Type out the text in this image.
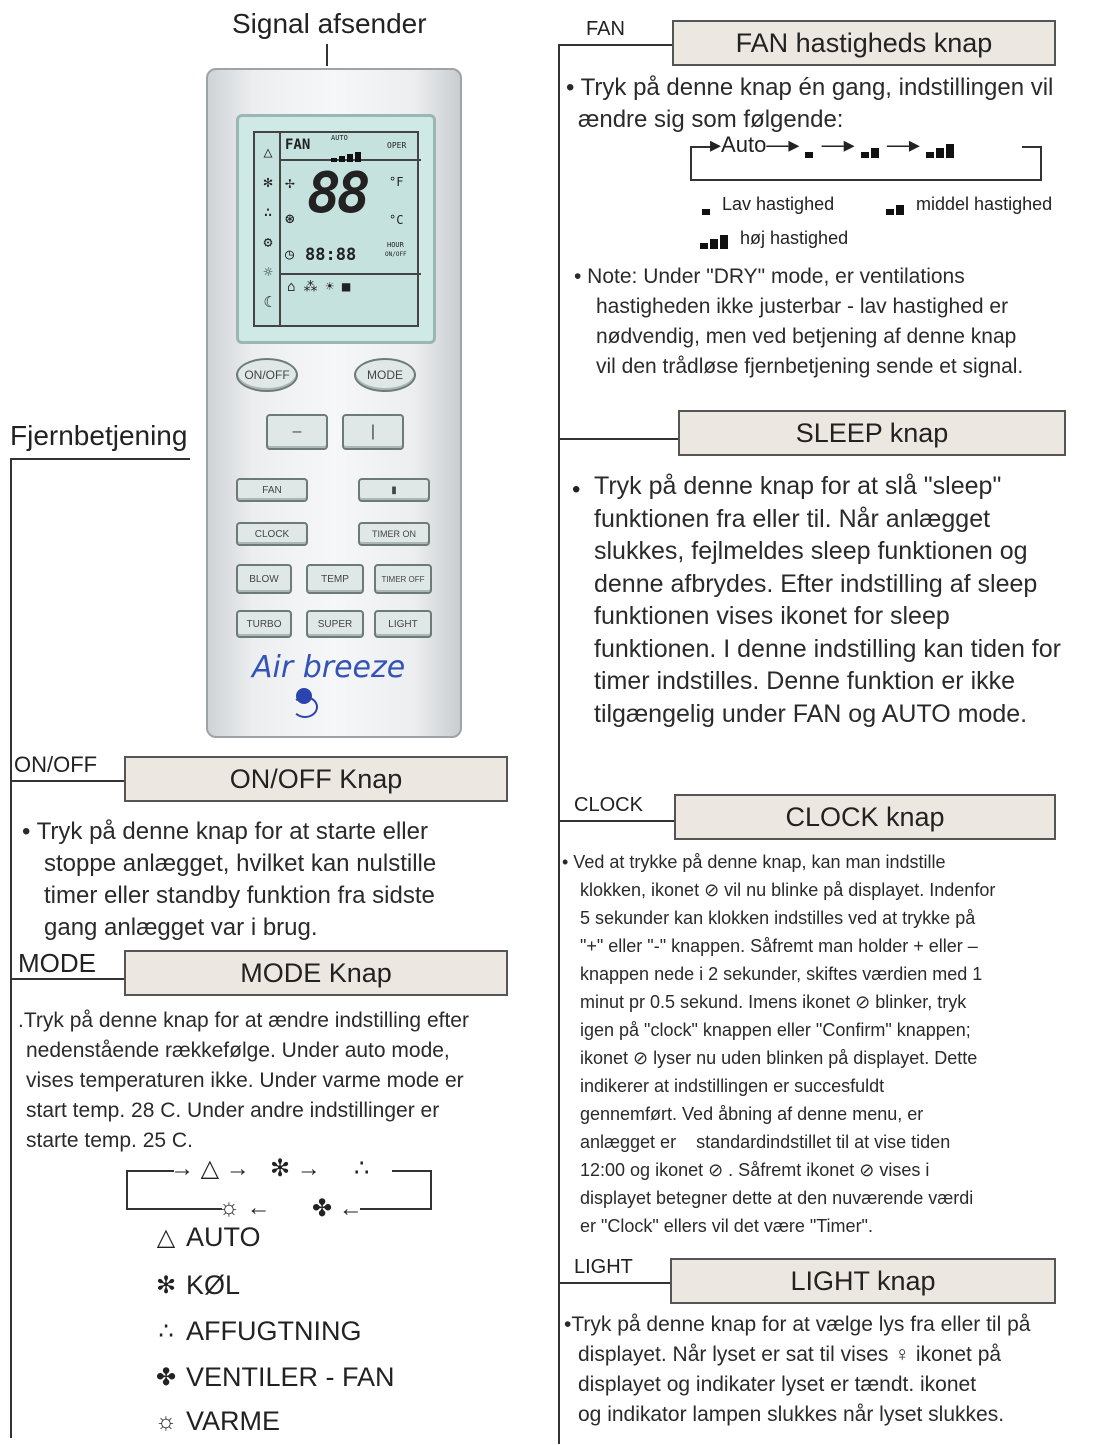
Signal afsender
Fjernbetjening
△
✻
∴
⚙
☼
☾
FAN	AUTO
OPER
✢
⊛ 88 °F
°C
◷ 88:88	HOUR
ON/OFF
⌂⁂☀■
ON/OFF	MODE
–	|
FAN	▮
CLOCK	TIMER ON
BLOW	TEMP	TIMER OFF
TURBO	SUPER	LIGHT
Air breeze
ON/OFF	ON/OFF Knap

• Tryk på denne knap for at starte eller

stoppe anlægget, hvilket kan nulstille

timer eller standby funktion fra sidste

gang anlægget var i brug.

MODE	MODE Knap

.Tryk på denne knap for at ændre indstilling efter

nedenstående rækkefølge. Under auto mode,

vises temperaturen ikke. Under varme mode er

start temp. 28 C. Under andre indstillinger er

starte temp. 25 C.

→ △ → ✻ → ∴
☼ ← ✤ ←
△ AUTO
✻ KØL
∴ AFFUGTNING
✤ VENTILER - FAN
☼ VARME
FAN	FAN hastigheds knap

• Tryk på denne knap én gang, indstillingen vil

ændre sig som følgende:

▸Auto—▸  —▸  —▸
Lav hastighed	middel hastighed
høj hastighed

• Note: Under "DRY" mode, er ventilations

hastigheden ikke justerbar - lav hastighed er

nødvendig, men ved betjening af denne knap

vil den trådløse fjernbetjening sende et signal.

SLEEP knap
• Tryk på denne knap for at slå "sleep"

funktionen fra eller til. Når anlægget

slukkes, fejlmeldes sleep funktionen og

denne afbrydes. Efter indstilling af sleep

funktionen vises ikonet for sleep

funktionen. I denne indstilling kan tiden for

timer indstilles. Denne funktion er ikke

tilgængelig under FAN og AUTO mode.

CLOCK	CLOCK knap

• Ved at trykke på denne knap, kan man indstille

klokken, ikonet ⊘ vil nu blinke på displayet. Indenfor

5 sekunder kan klokken indstilles ved at trykke på

"+" eller "-" knappen. Såfremt man holder + eller –

knappen nede i 2 sekunder, skiftes værdien med 1

minut pr 0.5 sekund. Imens ikonet ⊘ blinker, tryk

igen på "clock" knappen eller "Confirm" knappen;

ikonet ⊘ lyser nu uden blinken på displayet. Dette

indikerer at indstillingen er succesfuldt

gennemført. Ved åbning af denne menu, er

anlægget er    standardindstillet til at vise tiden

12:00 og ikonet ⊘ . Såfremt ikonet ⊘ vises i

displayet betegner dette at den nuværende værdi

er "Clock" ellers vil det være "Timer".

LIGHT	LIGHT knap

•Tryk på denne knap for at vælge lys fra eller til på

displayet. Når lyset er sat til vises ♀ ikonet på

displayet og indikater lyset er tændt. ikonet

og indikator lampen slukkes når lyset slukkes.
